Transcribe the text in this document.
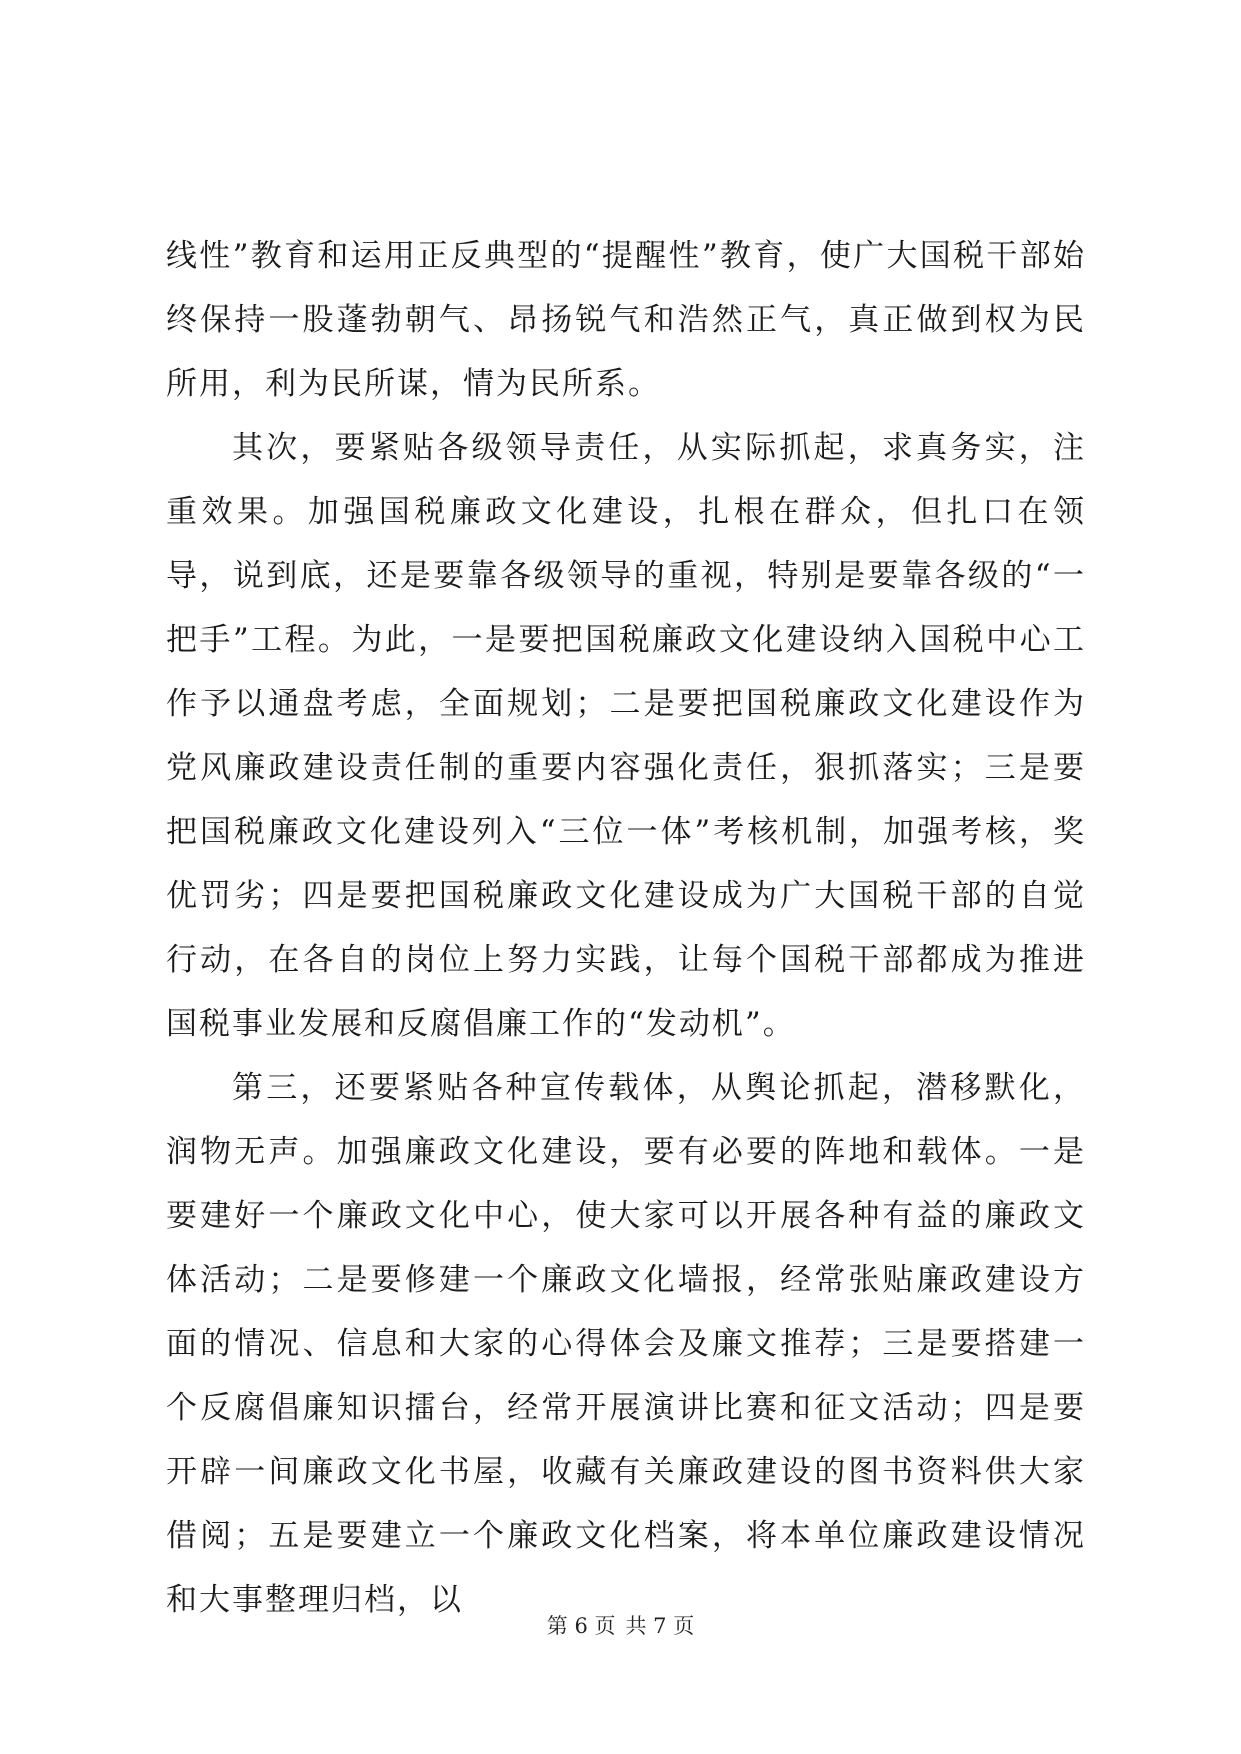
线性”教育和运用正反典型的“提醒性”教育，使广大国税干部始终保持一股蓬勃朝气、昂扬锐气和浩然正气，真正做到权为民所用，利为民所谋，情为民所系。

其次，要紧贴各级领导责任，从实际抓起，求真务实，注重效果。加强国税廉政文化建设，扎根在群众，但扎口在领导，说到底，还是要靠各级领导的重视，特别是要靠各级的“一把手”工程。为此，一是要把国税廉政文化建设纳入国税中心工作予以通盘考虑，全面规划；二是要把国税廉政文化建设作为党风廉政建设责任制的重要内容强化责任，狠抓落实；三是要把国税廉政文化建设列入“三位一体”考核机制，加强考核，奖优罚劣；四是要把国税廉政文化建设成为广大国税干部的自觉行动，在各自的岗位上努力实践，让每个国税干部都成为推进国税事业发展和反腐倡廉工作的“发动机”。

第三，还要紧贴各种宣传载体，从舆论抓起，潜移默化，润物无声。加强廉政文化建设，要有必要的阵地和载体。一是要建好一个廉政文化中心，使大家可以开展各种有益的廉政文体活动；二是要修建一个廉政文化墙报，经常张贴廉政建设方面的情况、信息和大家的心得体会及廉文推荐；三是要搭建一个反腐倡廉知识擂台，经常开展演讲比赛和征文活动；四是要开辟一间廉政文化书屋，收藏有关廉政建设的图书资料供大家借阅；五是要建立一个廉政文化档案，将本单位廉政建设情况和大事整理归档，以

第 6 页 共 7 页
